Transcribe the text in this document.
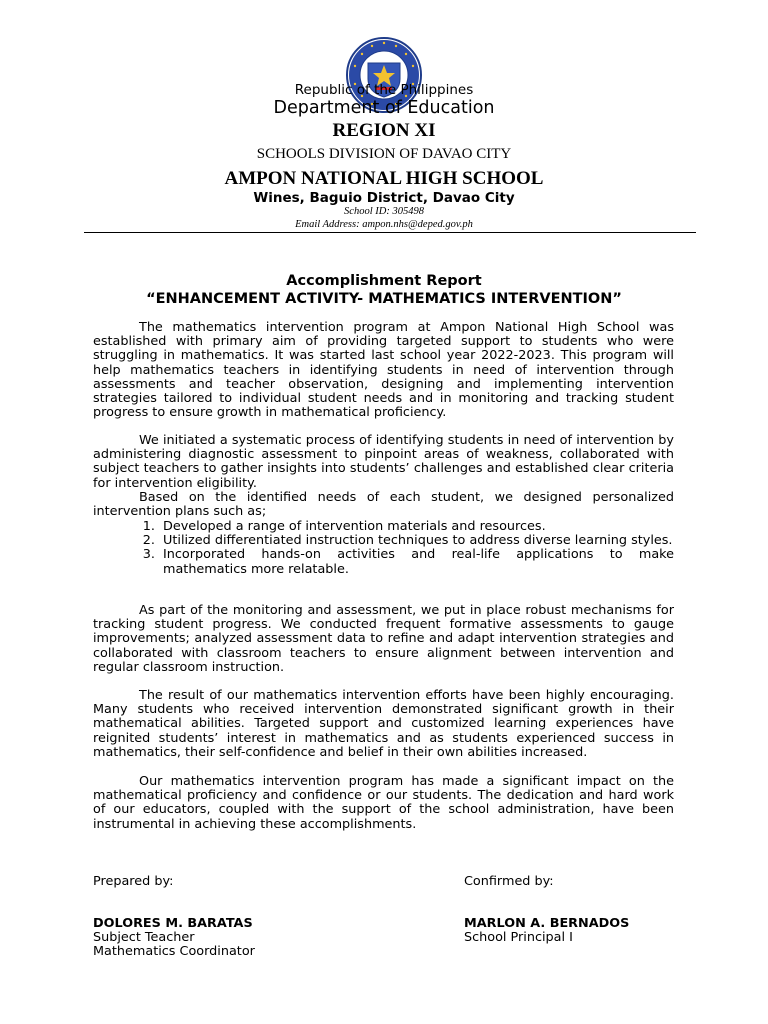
Republic of the Philippines
Department of Education
REGION XI
SCHOOLS DIVISION OF DAVAO CITY
AMPON NATIONAL HIGH SCHOOL
Wines, Baguio District, Davao City
School ID: 305498
Email Address: ampon.nhs@deped.gov.ph
Accomplishment Report
“ENHANCEMENT ACTIVITY- MATHEMATICS INTERVENTION”
The mathematics intervention program at Ampon National High School was established with primary aim of providing targeted support to students who were struggling in mathematics. It was started last school year 2022-2023. This program will help mathematics teachers in identifying students in need of intervention through assessments and teacher observation, designing and implementing intervention strategies tailored to individual student needs and in monitoring and tracking student progress to ensure growth in mathematical proficiency.
We initiated a systematic process of identifying students in need of intervention by administering diagnostic assessment to pinpoint areas of weakness, collaborated with subject teachers to gather insights into students’ challenges and established clear criteria for intervention eligibility.
Based on the identified needs of each student, we designed personalized intervention plans such as;
1. Developed a range of intervention materials and resources.
2. Utilized differentiated instruction techniques to address diverse learning styles.
3. Incorporated hands-on activities and real-life applications to make mathematics more relatable.
As part of the monitoring and assessment, we put in place robust mechanisms for tracking student progress. We conducted frequent formative assessments to gauge improvements; analyzed assessment data to refine and adapt intervention strategies and collaborated with classroom teachers to ensure alignment between intervention and regular classroom instruction.
The result of our mathematics intervention efforts have been highly encouraging. Many students who received intervention demonstrated significant growth in their mathematical abilities. Targeted support and customized learning experiences have reignited students’ interest in mathematics and as students experienced success in mathematics, their self-confidence and belief in their own abilities increased.
Our mathematics intervention program has made a significant impact on the mathematical proficiency and confidence or our students. The dedication and hard work of our educators, coupled with the support of the school administration, have been instrumental in achieving these accomplishments.
Prepared by:	Confirmed by:
DOLORES M. BARATAS
Subject Teacher
Mathematics Coordinator
MARLON A. BERNADOS
School Principal I
